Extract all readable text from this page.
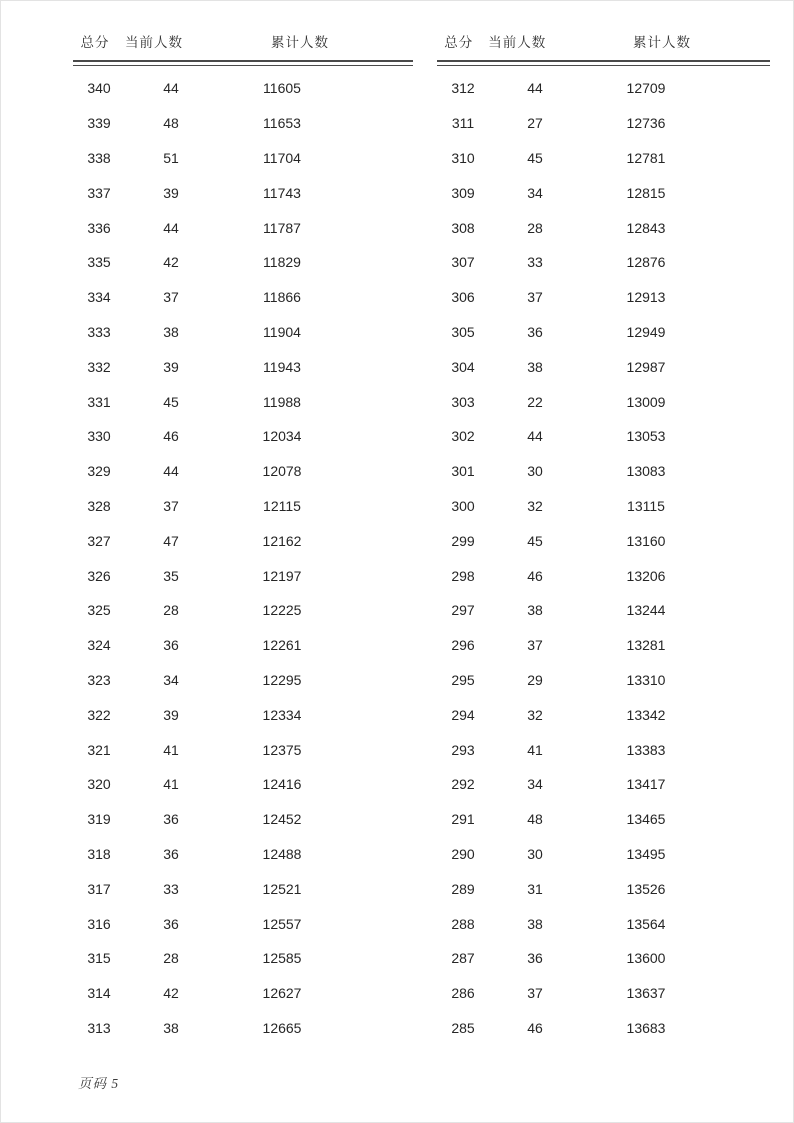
总分	当前人数	累计人数
340	44	11605
339	48	11653
338	51	11704
337	39	11743
336	44	11787
335	42	11829
334	37	11866
333	38	11904
332	39	11943
331	45	11988
330	46	12034
329	44	12078
328	37	12115
327	47	12162
326	35	12197
325	28	12225
324	36	12261
323	34	12295
322	39	12334
321	41	12375
320	41	12416
319	36	12452
318	36	12488
317	33	12521
316	36	12557
315	28	12585
314	42	12627
313	38	12665
总分	当前人数	累计人数
312	44	12709
311	27	12736
310	45	12781
309	34	12815
308	28	12843
307	33	12876
306	37	12913
305	36	12949
304	38	12987
303	22	13009
302	44	13053
301	30	13083
300	32	13115
299	45	13160
298	46	13206
297	38	13244
296	37	13281
295	29	13310
294	32	13342
293	41	13383
292	34	13417
291	48	13465
290	30	13495
289	31	13526
288	38	13564
287	36	13600
286	37	13637
285	46	13683
页码 5
